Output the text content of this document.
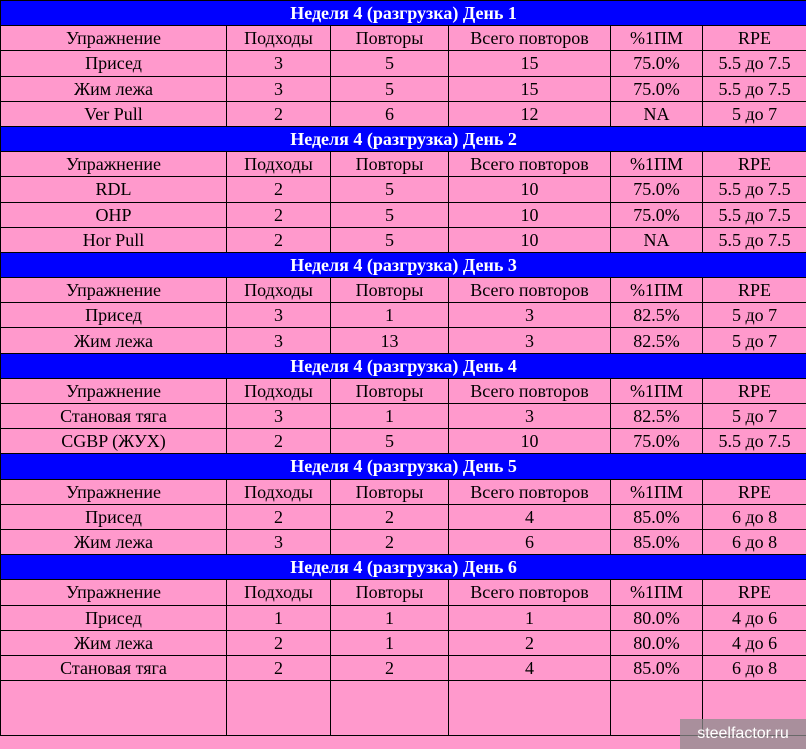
Неделя 4 (разгрузка) День 1					
Упражнение	Подходы	Повторы	Всего повторов	%1ПМ	RPE
Присед	3	5	15	75.0%	5.5 до 7.5
Жим лежа	3	5	15	75.0%	5.5 до 7.5
Ver Pull	2	6	12	NA	5 до 7
Неделя 4 (разгрузка) День 2					
Упражнение	Подходы	Повторы	Всего повторов	%1ПМ	RPE
RDL	2	5	10	75.0%	5.5 до 7.5
OHP	2	5	10	75.0%	5.5 до 7.5
Hor Pull	2	5	10	NA	5.5 до 7.5
Неделя 4 (разгрузка) День 3					
Упражнение	Подходы	Повторы	Всего повторов	%1ПМ	RPE
Присед	3	1	3	82.5%	5 до 7
Жим лежа	3	13	3	82.5%	5 до 7
Неделя 4 (разгрузка) День 4					
Упражнение	Подходы	Повторы	Всего повторов	%1ПМ	RPE
Становая тяга	3	1	3	82.5%	5 до 7
CGBP (ЖУХ)	2	5	10	75.0%	5.5 до 7.5
Неделя 4 (разгрузка) День 5					
Упражнение	Подходы	Повторы	Всего повторов	%1ПМ	RPE
Присед	2	2	4	85.0%	6 до 8
Жим лежа	3	2	6	85.0%	6 до 8
Неделя 4 (разгрузка) День 6					
Упражнение	Подходы	Повторы	Всего повторов	%1ПМ	RPE
Присед	1	1	1	80.0%	4 до 6
Жим лежа	2	1	2	80.0%	4 до 6
Становая тяга	2	2	4	85.0%	6 до 8

steelfactor.ru
